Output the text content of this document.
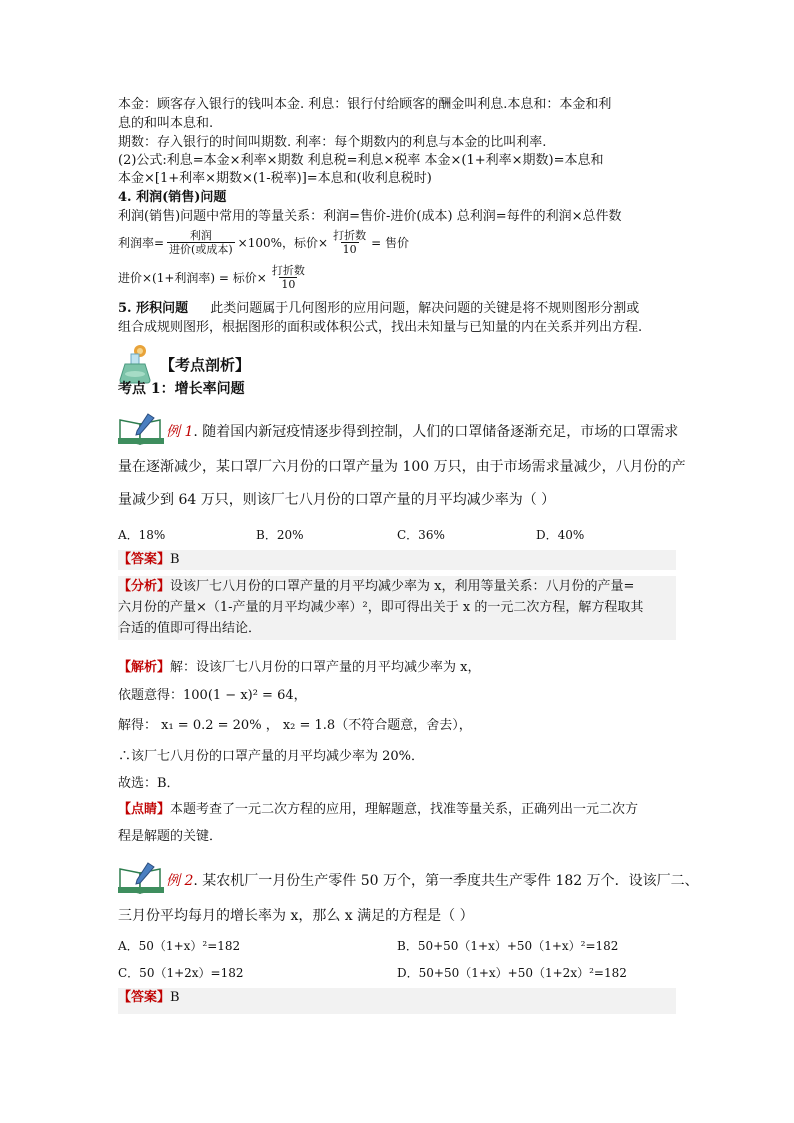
本金：顾客存入银行的钱叫本金. 利息：银行付给顾客的酬金叫利息.本息和：本金和利
息的和叫本息和.
期数：存入银行的时间叫期数. 利率：每个期数内的利息与本金的比叫利率.
(2)公式:利息=本金×利率×期数 利息税=利息×税率 本金×(1+利率×期数)=本息和
本金×[1+利率×期数×(1-税率)]=本息和(收利息税时)
4. 利润(销售)问题
利润(销售)问题中常用的等量关系：利润=售价-进价(成本) 总利润=每件的利润×总件数
利润率= $\frac{\text{利润}}{\text{进价(或成本)}} \times 100\%$，标价× $\frac{\text{打折数}}{10}$ = 售价
进价×(1+利润率) = 标价× $\frac{\text{打折数}}{10}$
5. 形积问题 此类问题属于几何图形的应用问题，解决问题的关键是将不规则图形分割或
组合成规则图形，根据图形的面积或体积公式，找出未知量与已知量的内在关系并列出方程.
【考点剖析】
考点 1：增长率问题
例 1. 随着国内新冠疫情逐步得到控制，人们的口罩储备逐渐充足，市场的口罩需求
量在逐渐减少，某口罩厂六月份的口罩产量为 100 万只，由于市场需求量减少，八月份的产
量减少到 64 万只，则该厂七八月份的口罩产量的月平均减少率为（ ）
A．18%	B．20%	C．36%	D．40%
【答案】B
【分析】设该厂七八月份的口罩产量的月平均减少率为 x，利用等量关系：八月份的产量=
六月份的产量×（1-产量的月平均减少率）²，即可得出关于 x 的一元二次方程，解方程取其
合适的值即可得出结论．
【解析】解：设该厂七八月份的口罩产量的月平均减少率为 x，
依题意得：100(1 − x)² = 64，
解得： x₁ = 0.2 = 20% ， x₂ = 1.8（不符合题意，舍去），
∴该厂七八月份的口罩产量的月平均减少率为 20%．
故选：B．
【点睛】本题考查了一元二次方程的应用，理解题意，找准等量关系，正确列出一元二次方
程是解题的关键．
例 2. 某农机厂一月份生产零件 50 万个，第一季度共生产零件 182 万个．设该厂二、
三月份平均每月的增长率为 x，那么 x 满足的方程是（ ）
A．50（1+x）²=182	B．50+50（1+x）+50（1+x）²=182
C．50（1+2x）=182	D．50+50（1+x）+50（1+2x）²=182
【答案】B
